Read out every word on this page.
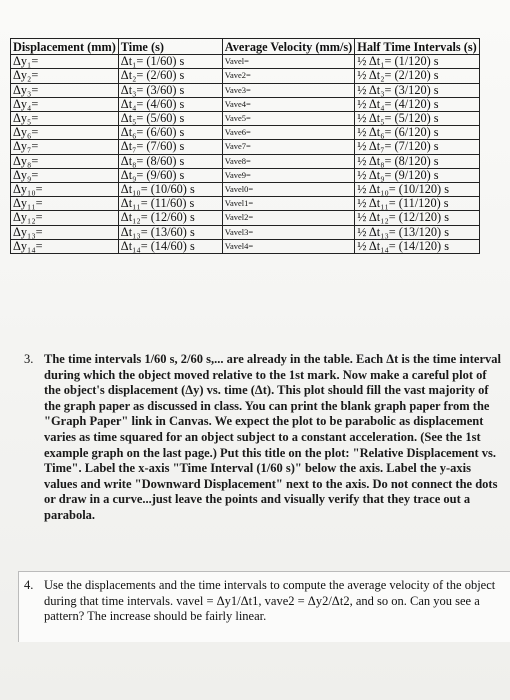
Displacement (mm)	Time (s)	Average Velocity (mm/s)	Half Time Intervals (s)
Δy₁=	Δt₁= (1/60) s	Vavel=	½ Δt₁= (1/120) s
Δy₂=	Δt₂= (2/60) s	Vave2=	½ Δt₂= (2/120) s
Δy₃=	Δt₃= (3/60) s	Vave3=	½ Δt₃= (3/120) s
Δy₄=	Δt₄= (4/60) s	Vave4=	½ Δt₄= (4/120) s
Δy₅=	Δt₅= (5/60) s	Vave5=	½ Δt₅= (5/120) s
Δy₆=	Δt₆= (6/60) s	Vave6=	½ Δt₆= (6/120) s
Δy₇=	Δt₇= (7/60) s	Vave7=	½ Δt₇= (7/120) s
Δy₈=	Δt₈= (8/60) s	Vave8=	½ Δt₈= (8/120) s
Δy₉=	Δt₉= (9/60) s	Vave9=	½ Δt₉= (9/120) s
Δy₁₀=	Δt₁₀= (10/60) s	Vavel0=	½ Δt₁₀= (10/120) s
Δy₁₁=	Δt₁₁= (11/60) s	Vavel1=	½ Δt₁₁= (11/120) s
Δy₁₂=	Δt₁₂= (12/60) s	Vavel2=	½ Δt₁₂= (12/120) s
Δy₁₃=	Δt₁₃= (13/60) s	Vavel3=	½ Δt₁₃= (13/120) s
Δy₁₄=	Δt₁₄= (14/60) s	Vavel4=	½ Δt₁₄= (14/120) s
3. The time intervals 1/60 s, 2/60 s,... are already in the table. Each Δt is the time interval during which the object moved relative to the 1st mark. Now make a careful plot of the object's displacement (Δy) vs. time (Δt). This plot should fill the vast majority of the graph paper as discussed in class. You can print the blank graph paper from the "Graph Paper" link in Canvas. We expect the plot to be parabolic as displacement varies as time squared for an object subject to a constant acceleration. (See the 1st example graph on the last page.) Put this title on the plot: "Relative Displacement vs. Time". Label the x-axis "Time Interval (1/60 s)" below the axis. Label the y-axis values and write "Downward Displacement" next to the axis. Do not connect the dots or draw in a curve...just leave the points and visually verify that they trace out a parabola.
4. Use the displacements and the time intervals to compute the average velocity of the object during that time intervals. vavel = Δy1/Δt1, vave2 = Δy2/Δt2, and so on. Can you see a pattern? The increase should be fairly linear.
